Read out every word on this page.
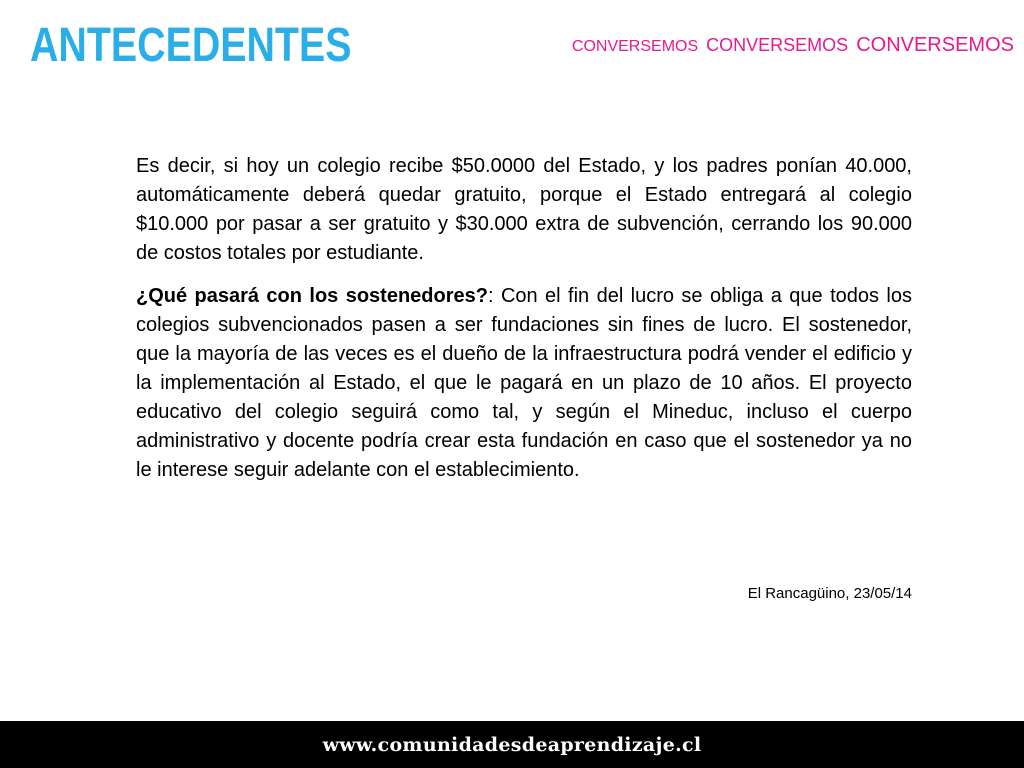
ANTECEDENTES	CONVERSEMOS CONVERSEMOS CONVERSEMOS

Es decir, si hoy un colegio recibe $50.0000 del Estado, y los padres ponían 40.000, automáticamente deberá quedar gratuito, porque el Estado entregará al colegio $10.000 por pasar a ser gratuito y $30.000 extra de subvención, cerrando los 90.000 de costos totales por estudiante.

¿Qué pasará con los sostenedores?: Con el fin del lucro se obliga a que todos los colegios subvencionados pasen a ser fundaciones sin fines de lucro. El sostenedor, que la mayoría de las veces es el dueño de la infraestructura podrá vender el edificio y la implementación al Estado, el que le pagará en un plazo de 10 años. El proyecto educativo del colegio seguirá como tal, y según el Mineduc, incluso el cuerpo administrativo y docente podría crear esta fundación en caso que el sostenedor ya no le interese seguir adelante con el establecimiento.

El Rancagüino, 23/05/14
www.comunidadesdeaprendizaje.cl
